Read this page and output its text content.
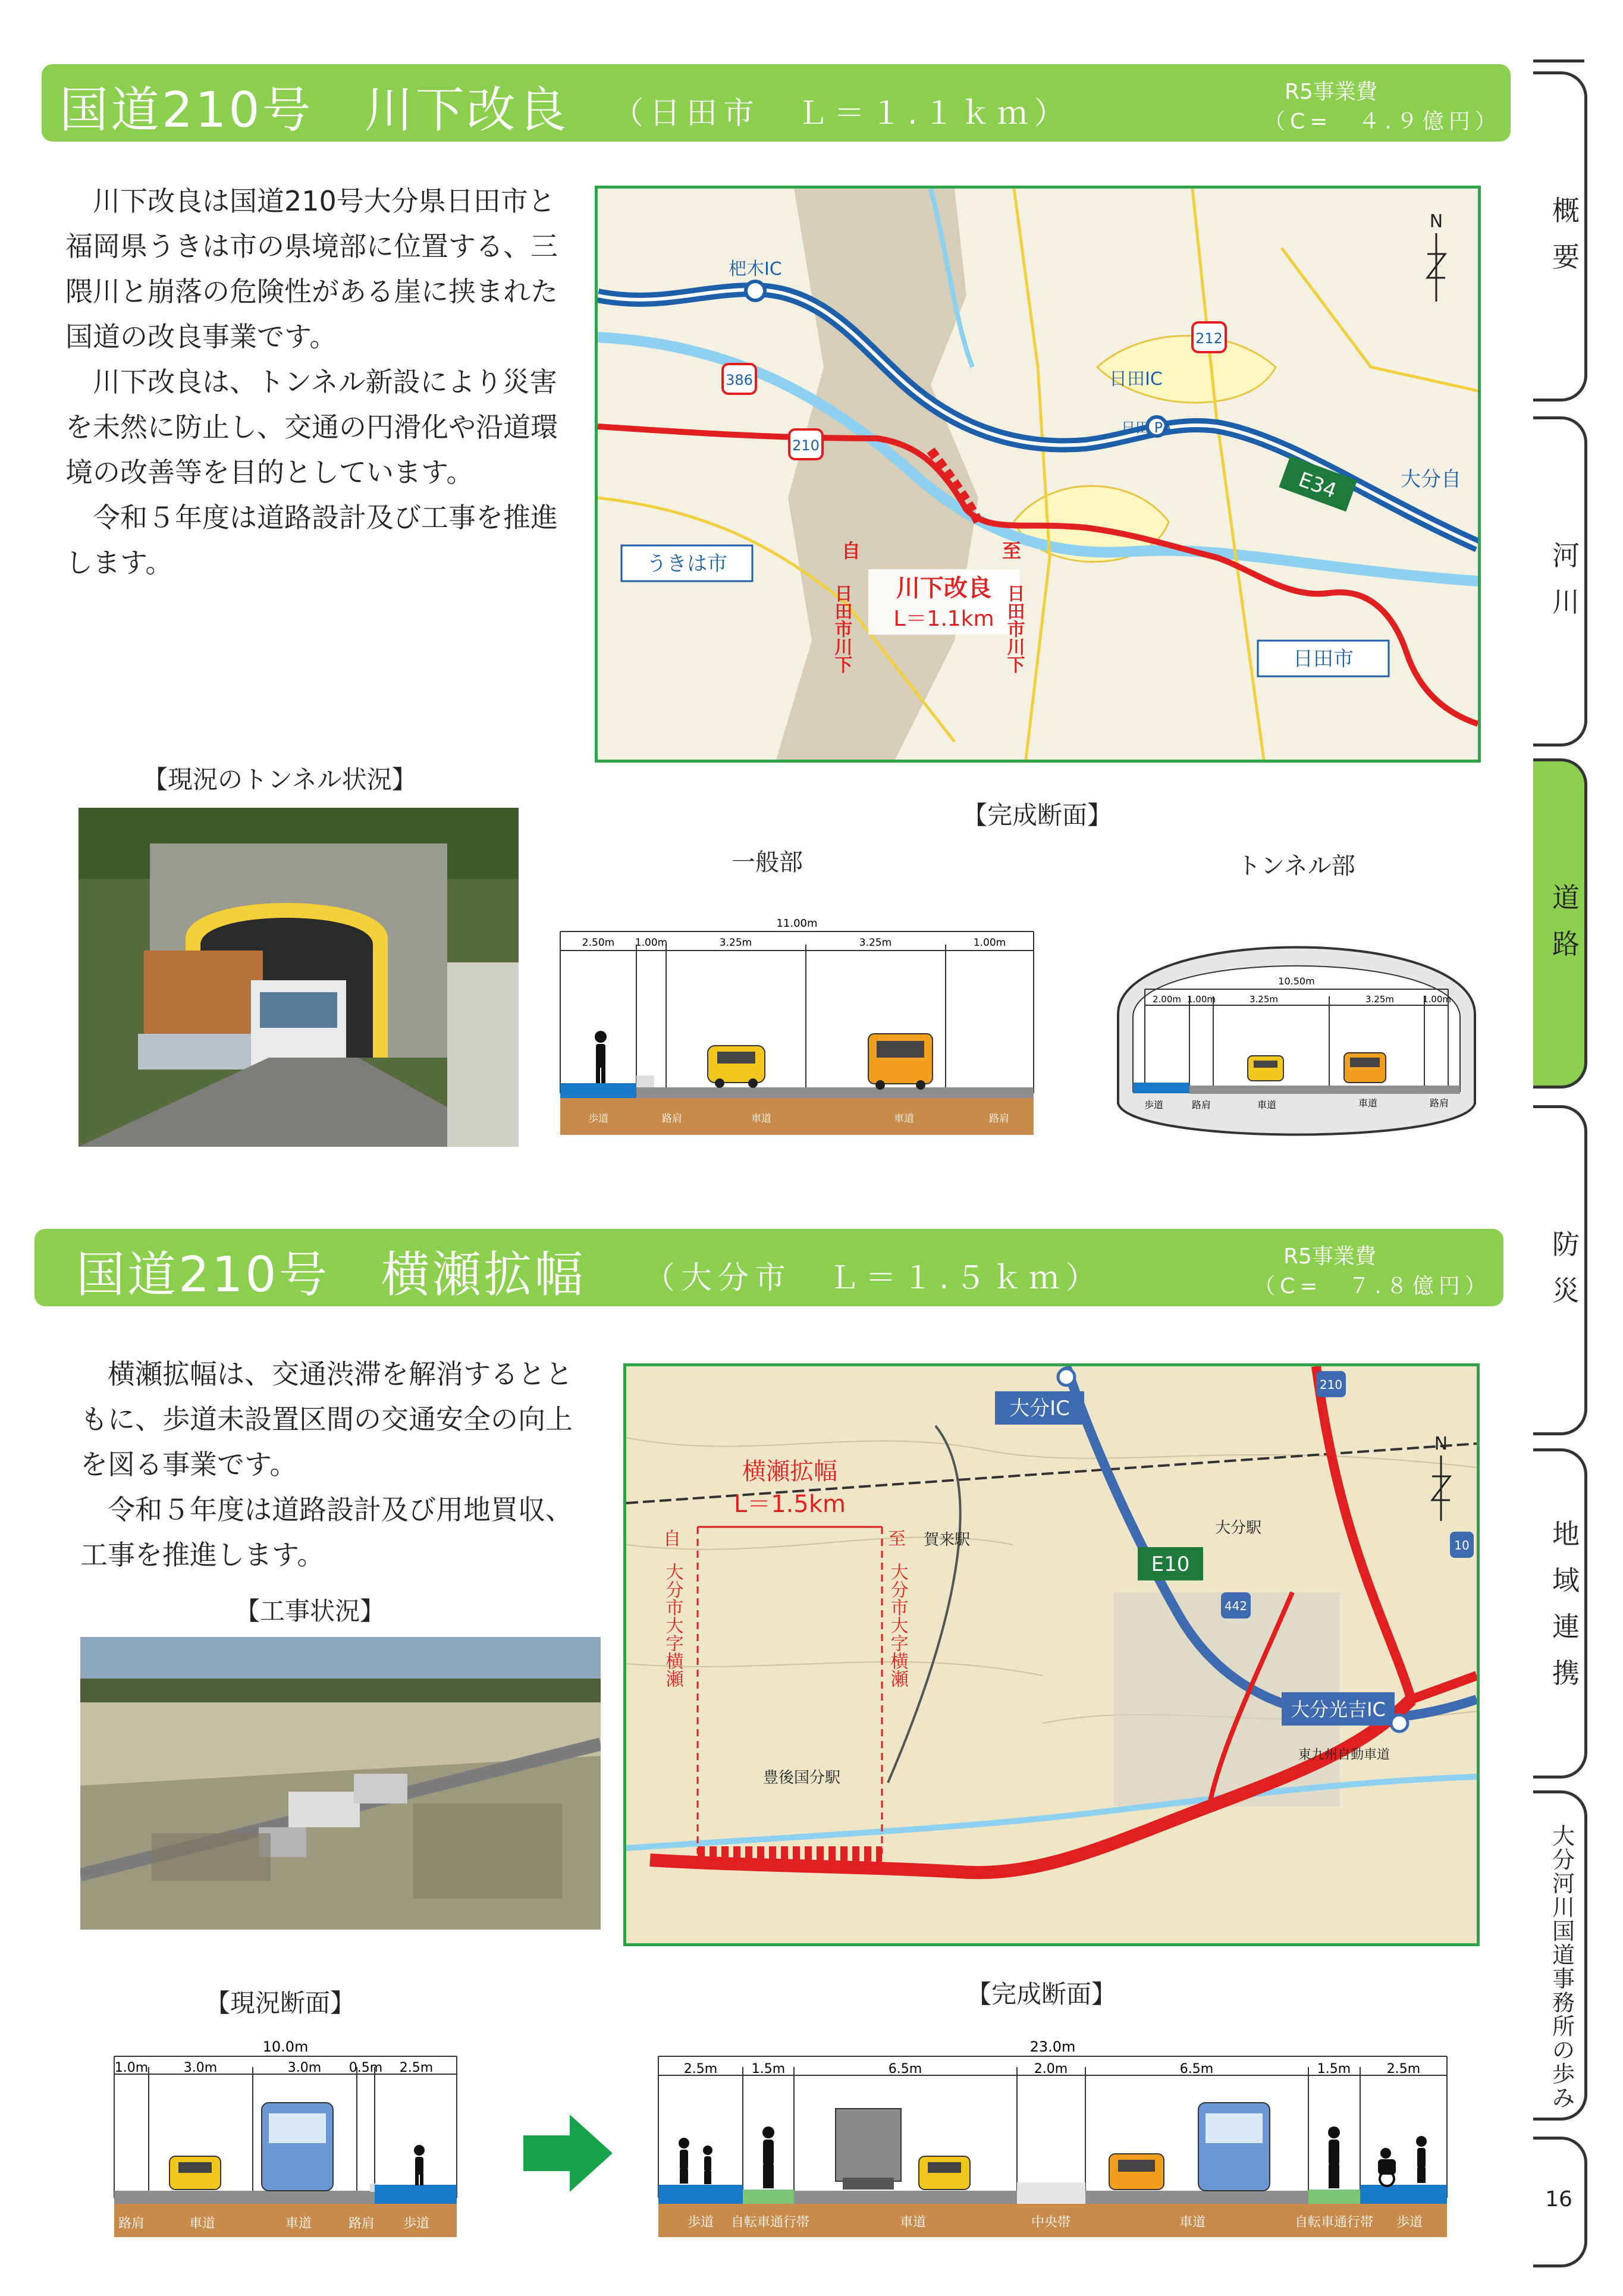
国道210号　川下改良 （日田市　Ｌ＝１.１ｋｍ）
R5事業費
（C=　４.９億円）

川下改良は国道210号大分県日田市と福岡県うきは市の県境部に位置する、三隈川と崩落の危険性がある崖に挟まれた国道の改良事業です。

川下改良は、トンネル新設により災害を未然に防止し、交通の円滑化や沿道環境の改善等を目的としています。

令和５年度は道路設計及び工事を推進します。

386
210
212
杷木IC
日田IC
日田 PA
E34	大分自
うきは市
日田市
川下改良
L＝1.1km
自
日田市川下
至
日田市川下
N
【現況のトンネル状況】
【完成断面】
一般部	トンネル部
11.00m
2.50m 1.00m	3.25m	3.25m	1.00m
歩道	路肩	車道	車道	路肩
10.50m
2.00m 1.00m	3.25m	3.25m	1.00m
歩道	路肩	車道	車道	路肩
国道210号　横瀬拡幅 （大分市　Ｌ＝１.５ｋｍ）
R5事業費
（C=　７.８億円）

横瀬拡幅は、交通渋滞を解消するとともに、歩道未設置区間の交通安全の向上を図る事業です。

令和５年度は道路設計及び用地買収、工事を推進します。

【工事状況】
横瀬拡幅
L＝1.5km
自
大分市大字横瀬
至
大分市大字横瀬
大分IC
大分光吉IC
E10
賀来駅
大分駅
豊後国分駅
東九州自動車道
210
442
10
N
【現況断面】	【完成断面】
10.0m
1.0m	3.0m	3.0m 0.5m 2.5m
路肩	車道	車道	路肩 歩道
23.0m
2.5m	1.5m	6.5m	2.0m	6.5m	1.5m	2.5m
歩道 自転車通行帯	車道	中央帯	車道	自転車通行帯 歩道
概要
河川
道路
防災
地域連携
大分河川国道事務所の歩み
16
